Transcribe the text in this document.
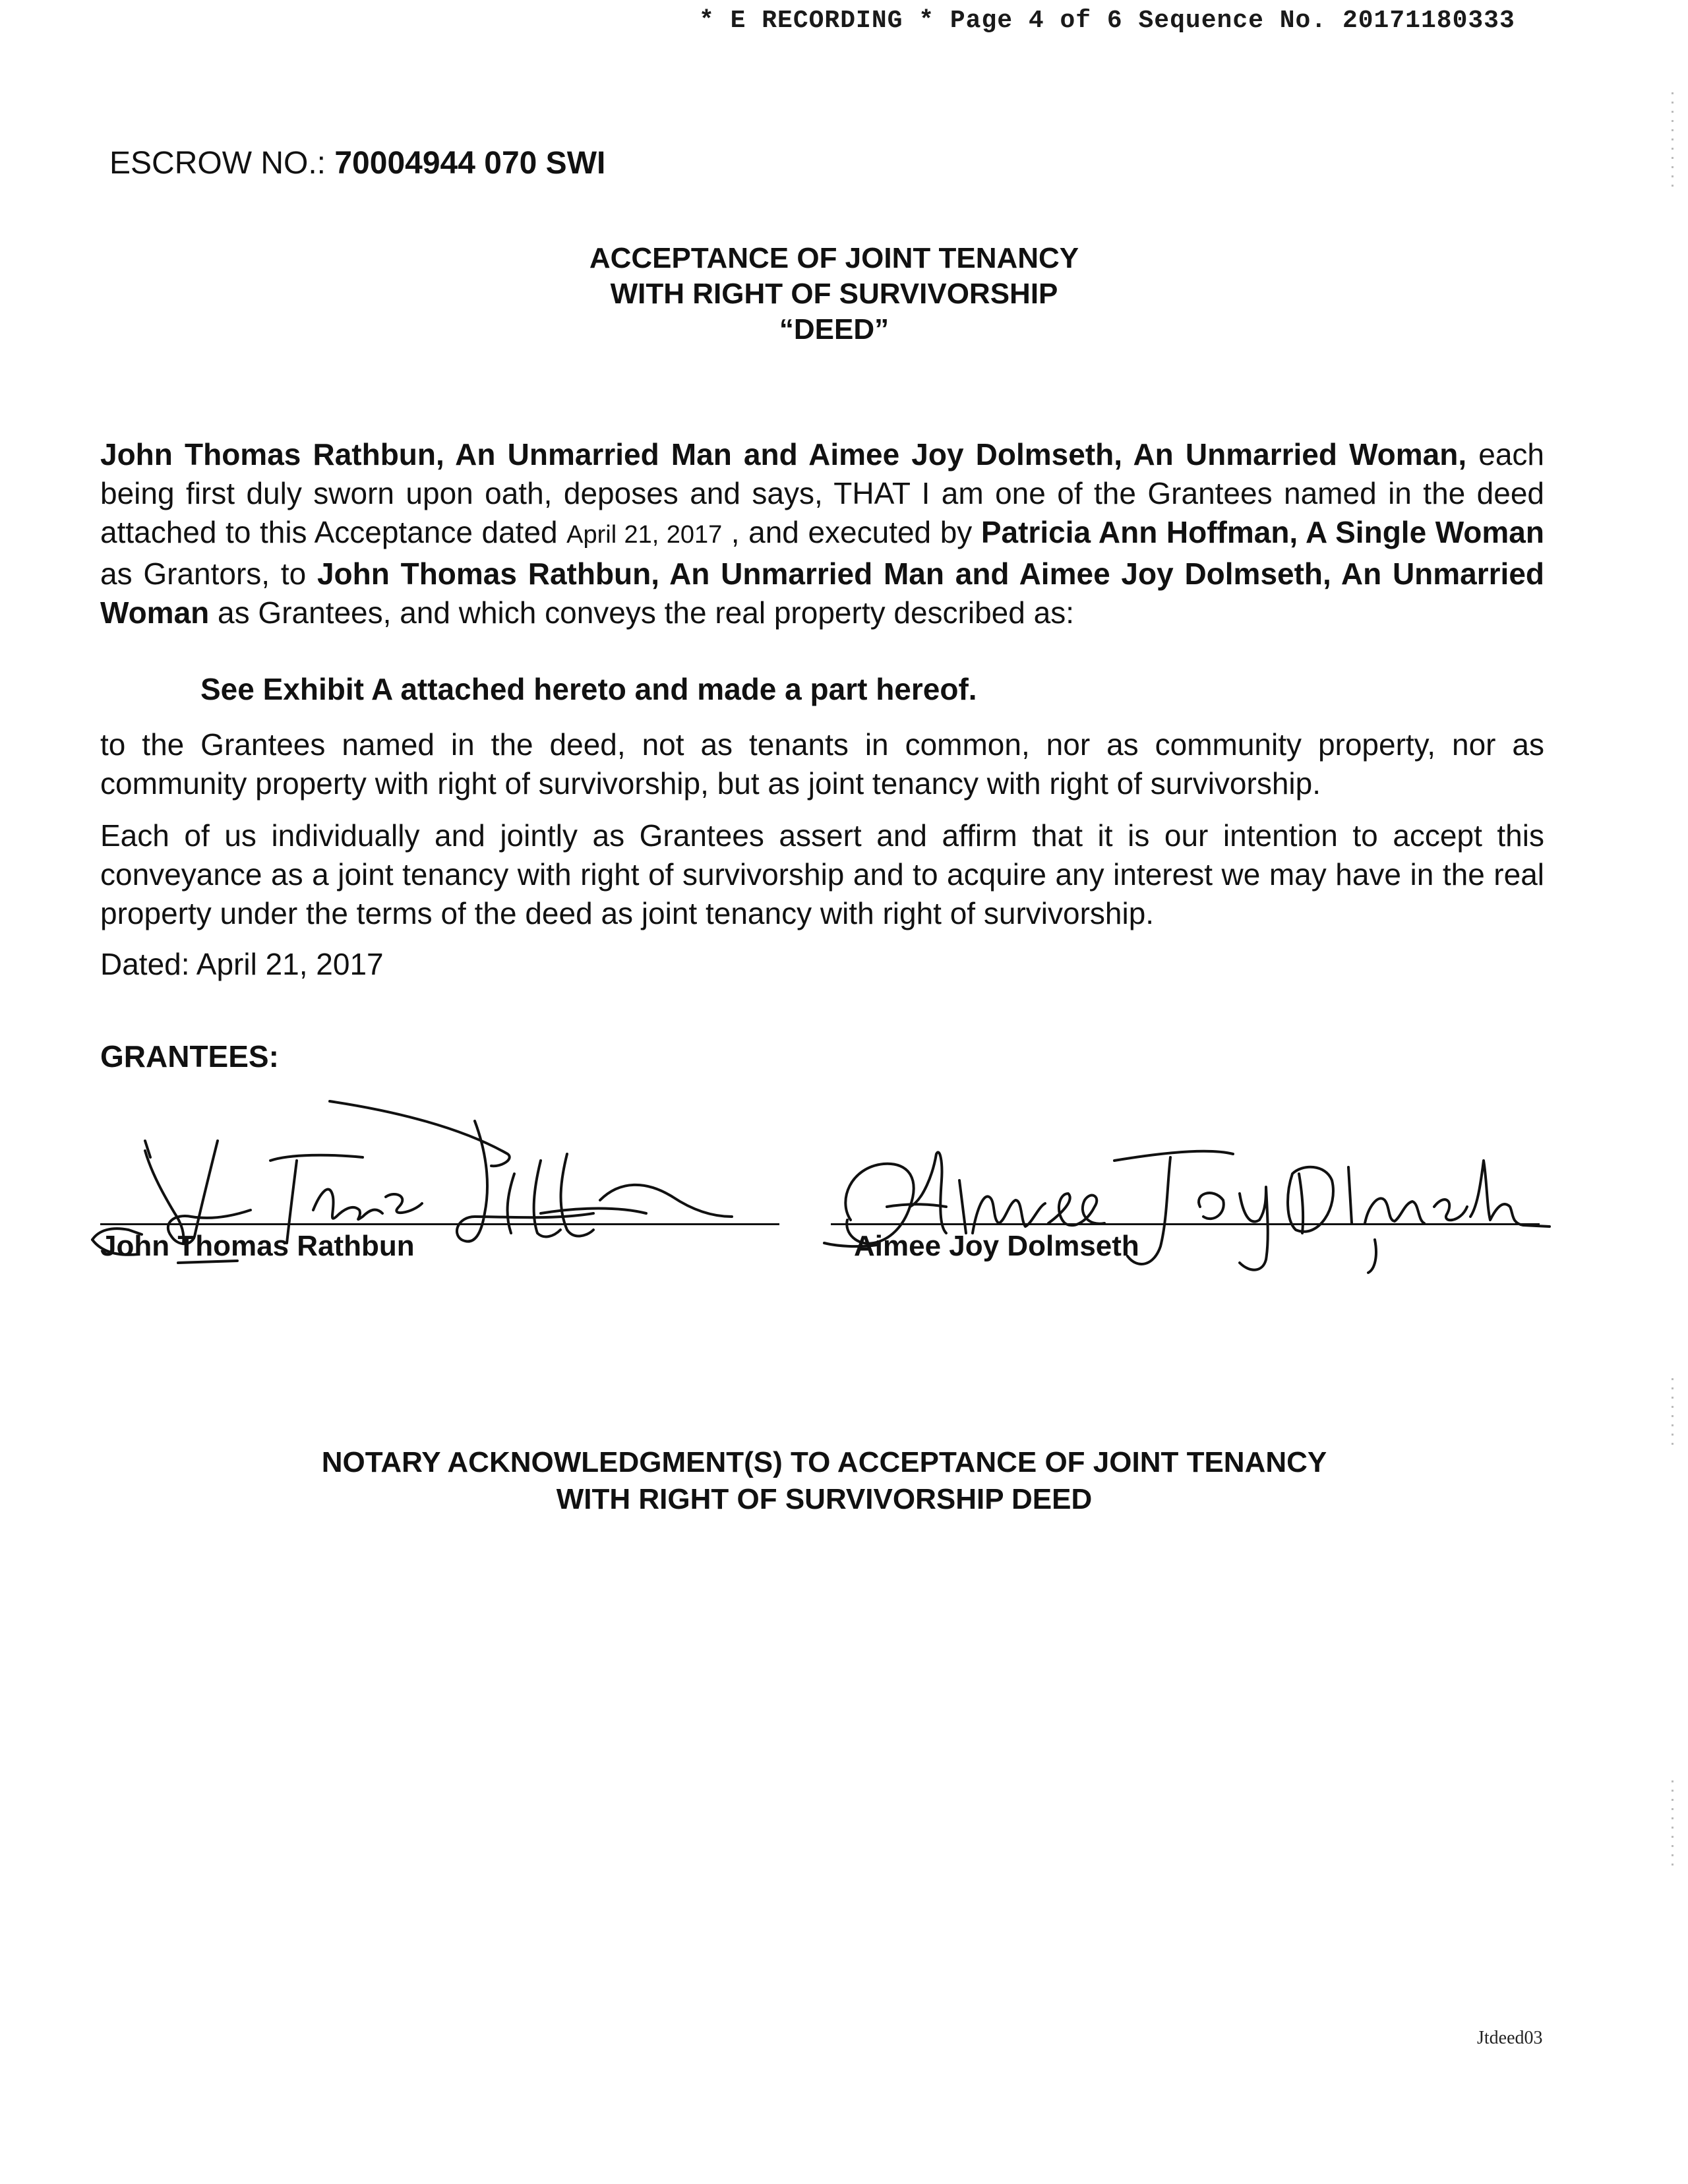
* E RECORDING * Page 4 of 6 Sequence No. 20171180333
ESCROW NO.: 70004944 070 SWI
ACCEPTANCE OF JOINT TENANCY
WITH RIGHT OF SURVIVORSHIP
“DEED”
John Thomas Rathbun, An Unmarried Man and Aimee Joy Dolmseth, An Unmarried Woman, each being first duly sworn upon oath, deposes and says, THAT I am one of the Grantees named in the deed attached to this Acceptance dated April 21, 2017 , and executed by Patricia Ann Hoffman, A Single Woman as Grantors, to John Thomas Rathbun, An Unmarried Man and Aimee Joy Dolmseth, An Unmarried Woman as Grantees, and which conveys the real property described as:
See Exhibit A attached hereto and made a part hereof.
to the Grantees named in the deed, not as tenants in common, nor as community property, nor as community property with right of survivorship, but as joint tenancy with right of survivorship.
Each of us individually and jointly as Grantees assert and affirm that it is our intention to accept this conveyance as a joint tenancy with right of survivorship and to acquire any interest we may have in the real property under the terms of the deed as joint tenancy with right of survivorship.
Dated: April 21, 2017
GRANTEES:
John Thomas Rathbun	Aimee Joy Dolmseth
NOTARY ACKNOWLEDGMENT(S) TO ACCEPTANCE OF JOINT TENANCY
WITH RIGHT OF SURVIVORSHIP DEED
Jtdeed03
